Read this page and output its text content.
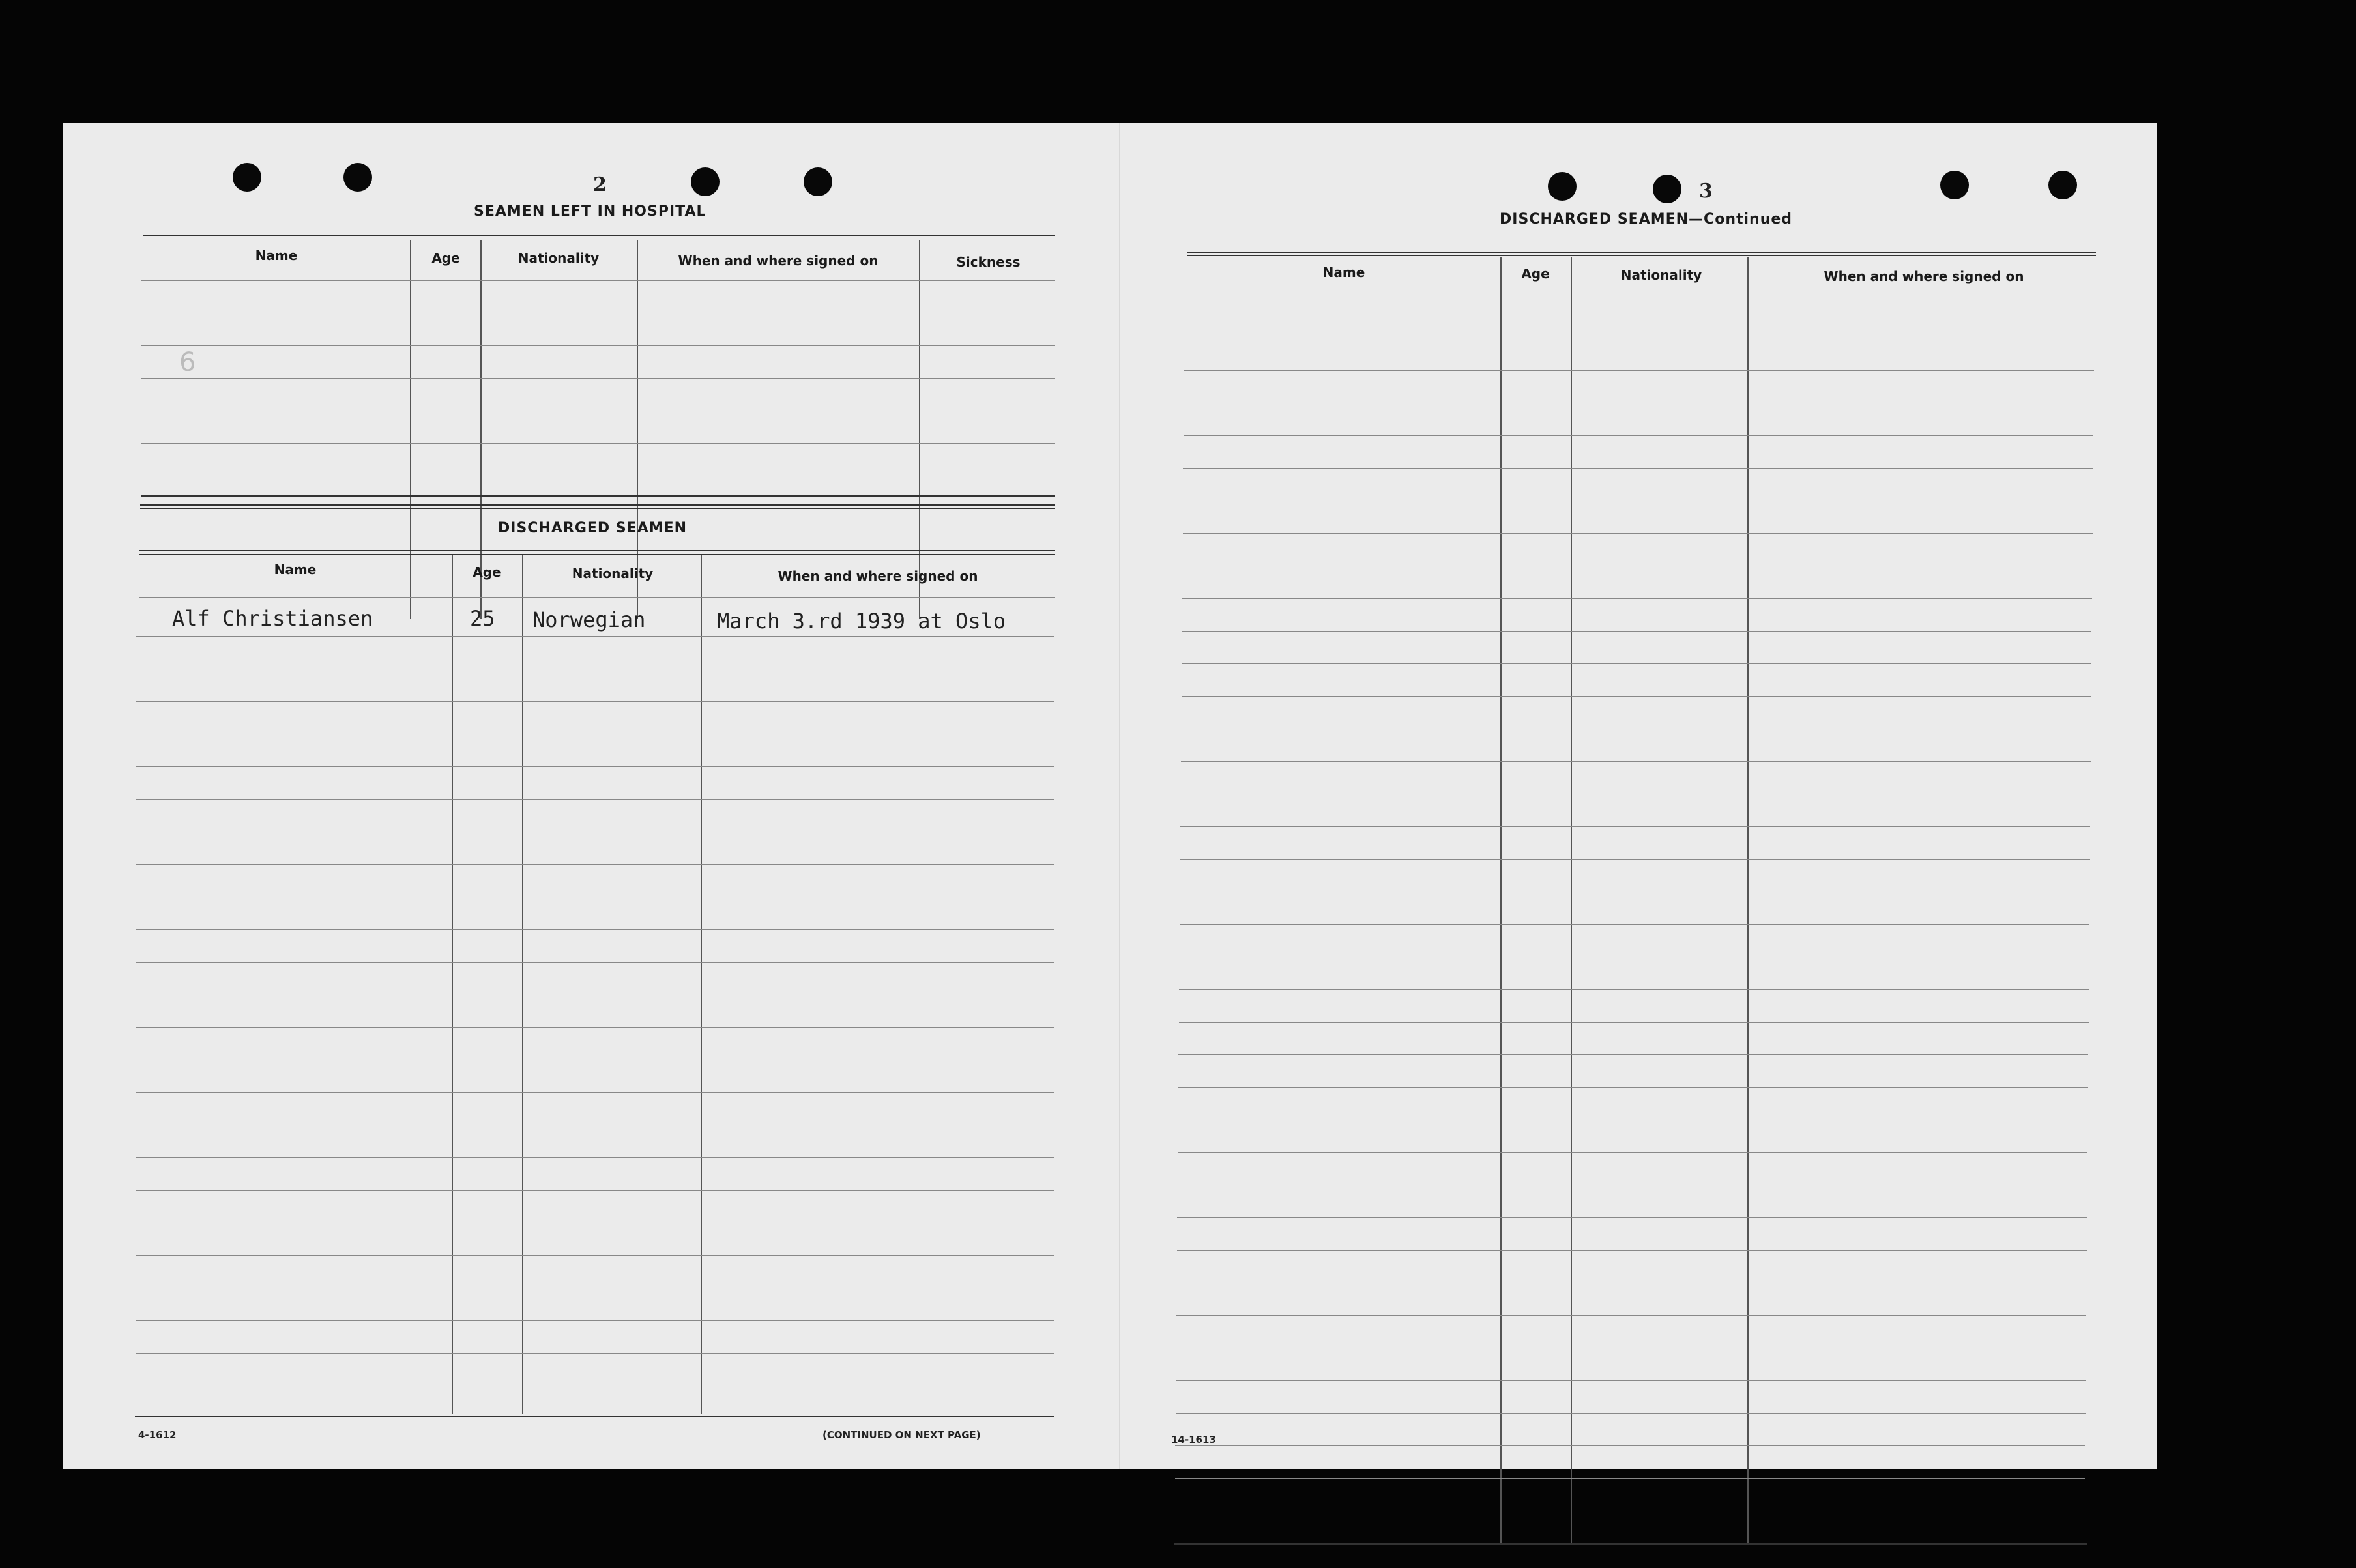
2
SEAMEN LEFT IN HOSPITAL
Name	Age	Nationality	When and where signed on	Sickness
6
DISCHARGED SEAMEN
Name	Age	Nationality	When and where signed on
Alf Christiansen	25 Norwegian	March 3.rd 1939 at Oslo
4-1612	(CONTINUED ON NEXT PAGE)
3
DISCHARGED SEAMEN—Continued
Name	Age	Nationality	When and where signed on
14-1613
